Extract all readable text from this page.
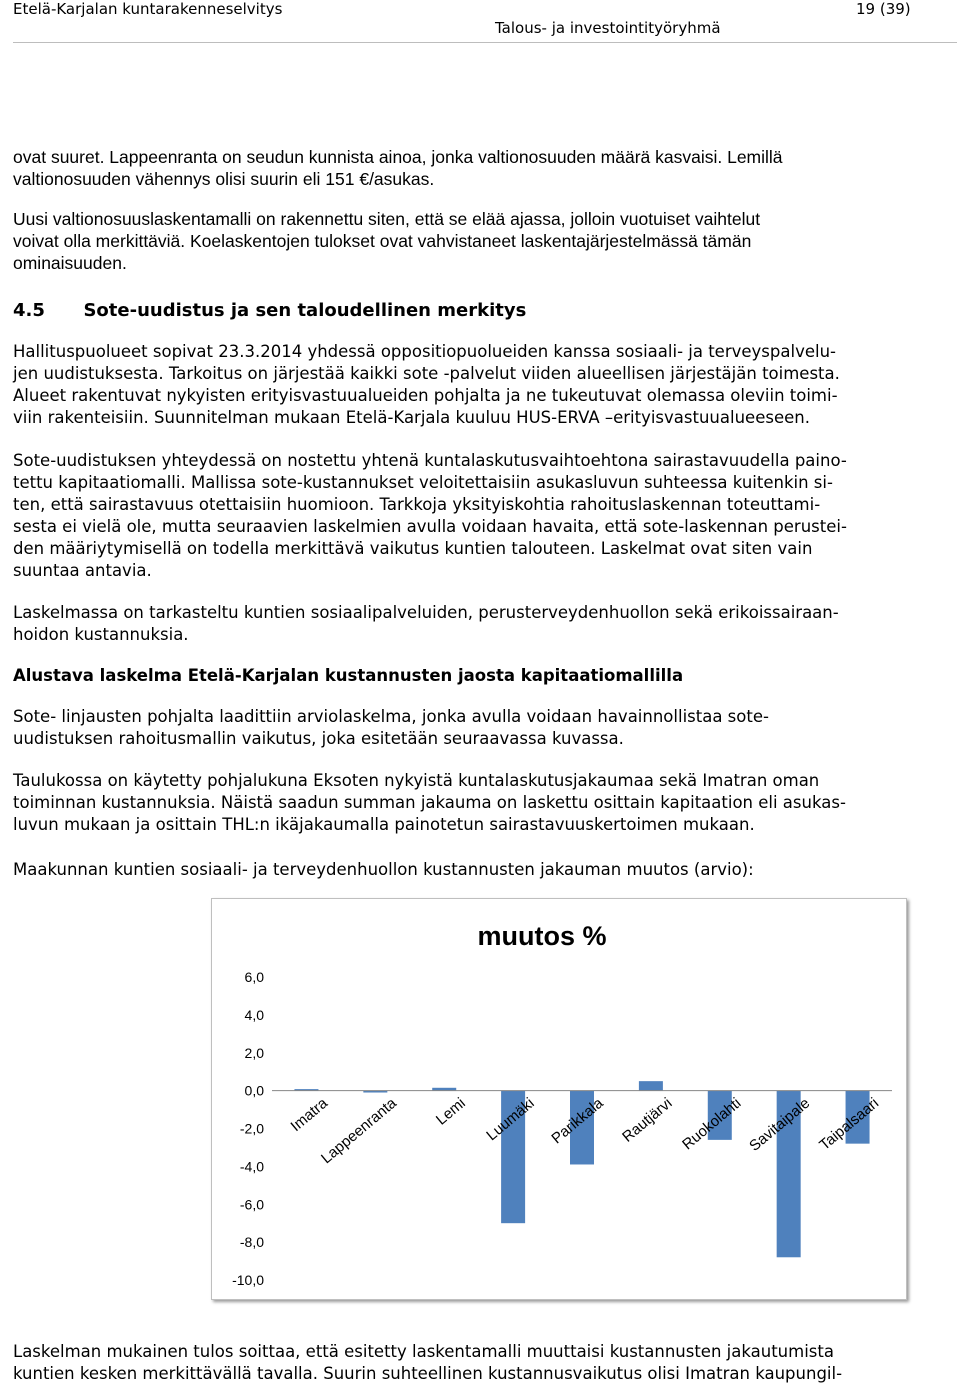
Etelä-Karjalan kuntarakenneselvitys	19 (39)
Talous- ja investointityöryhmä
ovat suuret. Lappeenranta on seudun kunnista ainoa, jonka valtionosuuden määrä kasvaisi. Lemillä
valtionosuuden vähennys olisi suurin eli 151 €/asukas.
Uusi valtionosuuslaskentamalli on rakennettu siten, että se elää ajassa, jolloin vuotuiset vaihtelut
voivat olla merkittäviä. Koelaskentojen tulokset ovat vahvistaneet laskentajärjestelmässä tämän
ominaisuuden.
4.5 Sote-uudistus ja sen taloudellinen merkitys
Hallituspuolueet sopivat 23.3.2014 yhdessä oppositiopuolueiden kanssa sosiaali- ja terveyspalvelu-
jen uudistuksesta. Tarkoitus on järjestää kaikki sote -palvelut viiden alueellisen järjestäjän toimesta.
Alueet rakentuvat nykyisten erityisvastuualueiden pohjalta ja ne tukeutuvat olemassa oleviin toimi-
viin rakenteisiin. Suunnitelman mukaan Etelä-Karjala kuuluu HUS-ERVA –erityisvastuualueeseen.
Sote-uudistuksen yhteydessä on nostettu yhtenä kuntalaskutusvaihtoehtona sairastavuudella paino-
tettu kapitaatiomalli. Mallissa sote-kustannukset veloitettaisiin asukasluvun suhteessa kuitenkin si-
ten, että sairastavuus otettaisiin huomioon. Tarkkoja yksityiskohtia rahoituslaskennan toteuttami-
sesta ei vielä ole, mutta seuraavien laskelmien avulla voidaan havaita, että sote-laskennan perustei-
den määriytymisellä on todella merkittävä vaikutus kuntien talouteen. Laskelmat ovat siten vain
suuntaa antavia.
Laskelmassa on tarkasteltu kuntien sosiaalipalveluiden, perusterveydenhuollon sekä erikoissairaan-
hoidon kustannuksia.
Alustava laskelma Etelä-Karjalan kustannusten jaosta kapitaatiomallilla
Sote- linjausten pohjalta laadittiin arviolaskelma, jonka avulla voidaan havainnollistaa sote-
uudistuksen rahoitusmallin vaikutus, joka esitetään seuraavassa kuvassa.
Taulukossa on käytetty pohjalukuna Eksoten nykyistä kuntalaskutusjakaumaa sekä Imatran oman
toiminnan kustannuksia. Näistä saadun summan jakauma on laskettu osittain kapitaation eli asukas-
luvun mukaan ja osittain THL:n ikäjakaumalla painotetun sairastavuuskertoimen mukaan.
Maakunnan kuntien sosiaali- ja terveydenhuollon kustannusten jakauman muutos (arvio):
muutos %
6,0
4,0
2,0
0,0
-2,0
-4,0
-6,0
-8,0
-10,0
Imatra
Lappeenranta Lemi Luumäki Parikkala Rautjärvi Ruokolahti Savitaipale Taipalsaari
Laskelman mukainen tulos soittaa, että esitetty laskentamalli muuttaisi kustannusten jakautumista
kuntien kesken merkittävällä tavalla. Suurin suhteellinen kustannusvaikutus olisi Imatran kaupungil-
